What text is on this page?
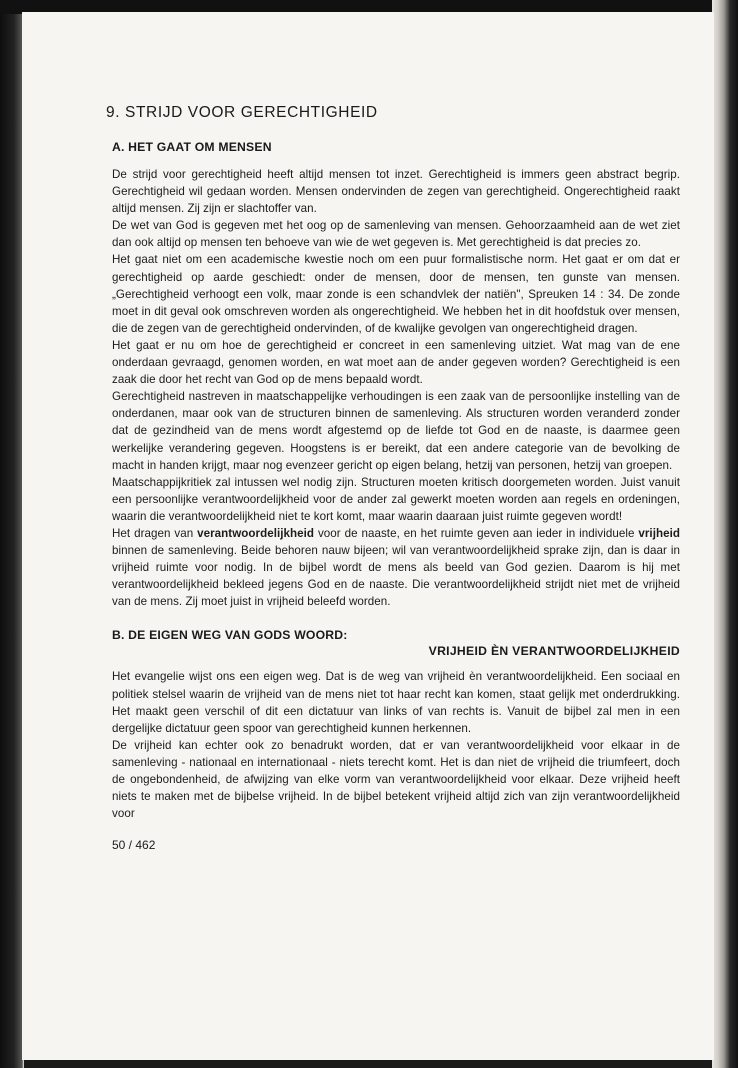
9. STRIJD VOOR GERECHTIGHEID
A. HET GAAT OM MENSEN

De strijd voor gerechtigheid heeft altijd mensen tot inzet. Gerechtigheid is immers geen abstract begrip. Gerechtigheid wil gedaan worden. Mensen ondervinden de zegen van gerechtigheid. Ongerechtigheid raakt altijd mensen. Zij zijn er slachtoffer van.

De wet van God is gegeven met het oog op de samenleving van mensen. Gehoorzaamheid aan de wet ziet dan ook altijd op mensen ten behoeve van wie de wet gegeven is. Met gerechtigheid is dat precies zo.

Het gaat niet om een academische kwestie noch om een puur formalistische norm. Het gaat er om dat er gerechtigheid op aarde geschiedt: onder de mensen, door de mensen, ten gunste van mensen. „Gerechtigheid verhoogt een volk, maar zonde is een schandvlek der natiën", Spreuken 14 : 34. De zonde moet in dit geval ook omschreven worden als ongerechtigheid. We hebben het in dit hoofdstuk over mensen, die de zegen van de gerechtigheid ondervinden, of de kwalijke gevolgen van ongerechtigheid dragen.

Het gaat er nu om hoe de gerechtigheid er concreet in een samenleving uitziet. Wat mag van de ene onderdaan gevraagd, genomen worden, en wat moet aan de ander gegeven worden? Gerechtigheid is een zaak die door het recht van God op de mens bepaald wordt.

Gerechtigheid nastreven in maatschappelijke verhoudingen is een zaak van de persoonlijke instelling van de onderdanen, maar ook van de structuren binnen de samenleving. Als structuren worden veranderd zonder dat de gezindheid van de mens wordt afgestemd op de liefde tot God en de naaste, is daarmee geen werkelijke verandering gegeven. Hoogstens is er bereikt, dat een andere categorie van de bevolking de macht in handen krijgt, maar nog evenzeer gericht op eigen belang, hetzij van personen, hetzij van groepen.

Maatschappijkritiek zal intussen wel nodig zijn. Structuren moeten kritisch doorgemeten worden. Juist vanuit een persoonlijke verantwoordelijkheid voor de ander zal gewerkt moeten worden aan regels en ordeningen, waarin die verantwoordelijkheid niet te kort komt, maar waarin daaraan juist ruimte gegeven wordt!

Het dragen van verantwoordelijkheid voor de naaste, en het ruimte geven aan ieder in individuele vrijheid binnen de samenleving. Beide behoren nauw bijeen; wil van verantwoordelijkheid sprake zijn, dan is daar in vrijheid ruimte voor nodig. In de bijbel wordt de mens als beeld van God gezien. Daarom is hij met verantwoordelijkheid bekleed jegens God en de naaste. Die verantwoordelijkheid strijdt niet met de vrijheid van de mens. Zij moet juist in vrijheid beleefd worden.

B. DE EIGEN WEG VAN GODS WOORD:
VRIJHEID ÈN VERANTWOORDELIJKHEID

Het evangelie wijst ons een eigen weg. Dat is de weg van vrijheid èn verantwoordelijkheid. Een sociaal en politiek stelsel waarin de vrijheid van de mens niet tot haar recht kan komen, staat gelijk met onderdrukking. Het maakt geen verschil of dit een dictatuur van links of van rechts is. Vanuit de bijbel zal men in een dergelijke dictatuur geen spoor van gerechtigheid kunnen herkennen.

De vrijheid kan echter ook zo benadrukt worden, dat er van verantwoordelijkheid voor elkaar in de samenleving - nationaal en internationaal - niets terecht komt. Het is dan niet de vrijheid die triumfeert, doch de ongebondenheid, de afwijzing van elke vorm van verantwoordelijkheid voor elkaar. Deze vrijheid heeft niets te maken met de bijbelse vrijheid. In de bijbel betekent vrijheid altijd zich van zijn verantwoordelijkheid voor

50 / 462
